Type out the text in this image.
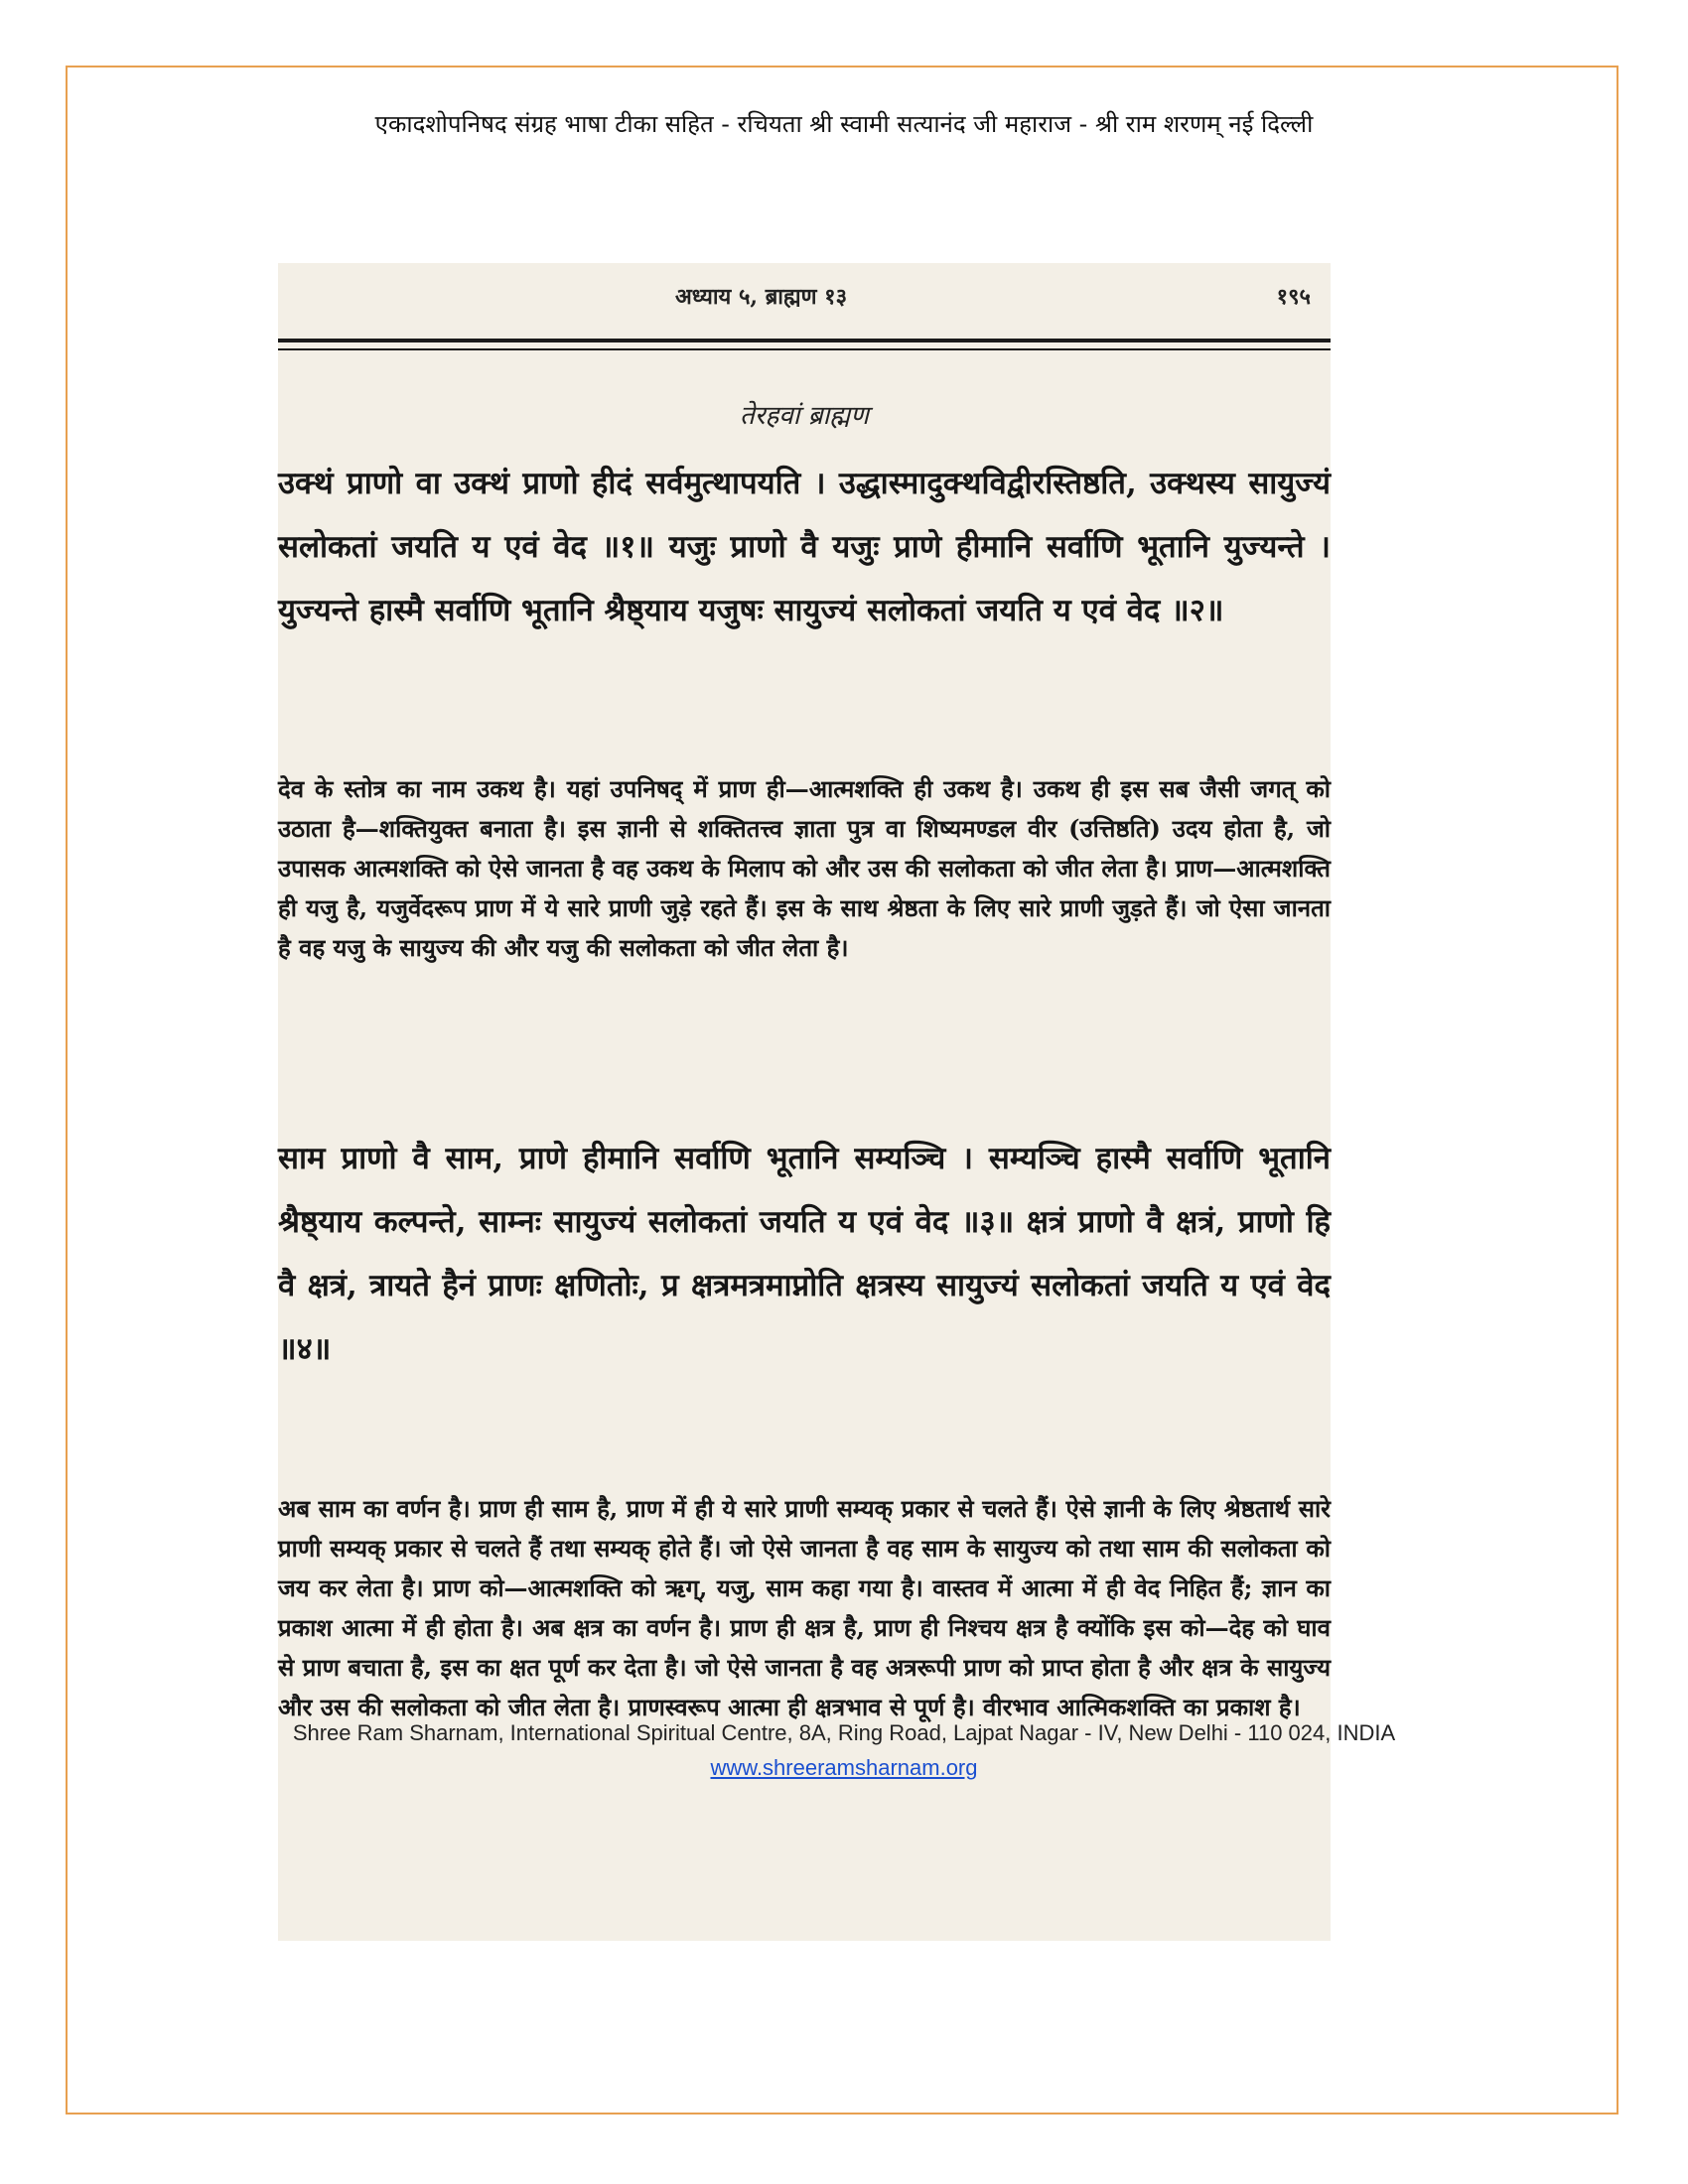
एकादशोपनिषद संग्रह भाषा टीका सहित - रचियता श्री स्वामी सत्यानंद जी महाराज - श्री राम शरणम् नई दिल्ली
अध्याय ५, ब्राह्मण १३	१९५
तेरहवां ब्राह्मण

उक्थं प्राणो वा उक्थं प्राणो हीदं सर्वमुत्थापयति । उद्धास्मादुक्थविद्वीरस्तिष्ठति, उक्थस्य सायुज्यं सलोकतां जयति य एवं वेद ॥१॥ यजुः प्राणो वै यजुः प्राणे हीमानि सर्वाणि भूतानि युज्यन्ते । युज्यन्ते हास्मै सर्वाणि भूतानि श्रैष्ठ्याय यजुषः सायुज्यं सलोकतां जयति य एवं वेद ॥२॥

देव के स्तोत्र का नाम उकथ है। यहां उपनिषद् में प्राण ही—आत्मशक्ति ही उकथ है। उकथ ही इस सब जैसी जगत् को उठाता है—शक्तियुक्त बनाता है। इस ज्ञानी से शक्तितत्त्व ज्ञाता पुत्र वा शिष्यमण्डल वीर (उत्तिष्ठति) उदय होता है, जो उपासक आत्मशक्ति को ऐसे जानता है वह उकथ के मिलाप को और उस की सलोकता को जीत लेता है। प्राण—आत्मशक्ति ही यजु है, यजुर्वेदरूप प्राण में ये सारे प्राणी जुड़े रहते हैं। इस के साथ श्रेष्ठता के लिए सारे प्राणी जुड़ते हैं। जो ऐसा जानता है वह यजु के सायुज्य की और यजु की सलोकता को जीत लेता है।

साम प्राणो वै साम, प्राणे हीमानि सर्वाणि भूतानि सम्यञ्चि । सम्यञ्चि हास्मै सर्वाणि भूतानि श्रैष्ठ्याय कल्पन्ते, साम्नः सायुज्यं सलोकतां जयति य एवं वेद ॥३॥ क्षत्रं प्राणो वै क्षत्रं, प्राणो हि वै क्षत्रं, त्रायते हैनं प्राणः क्षणितोः, प्र क्षत्रमत्रमाप्नोति क्षत्रस्य सायुज्यं सलोकतां जयति य एवं वेद ॥४॥

अब साम का वर्णन है। प्राण ही साम है, प्राण में ही ये सारे प्राणी सम्यक् प्रकार से चलते हैं। ऐसे ज्ञानी के लिए श्रेष्ठतार्थ सारे प्राणी सम्यक् प्रकार से चलते हैं तथा सम्यक् होते हैं। जो ऐसे जानता है वह साम के सायुज्य को तथा साम की सलोकता को जय कर लेता है। प्राण को—आत्मशक्ति को ऋग्, यजु, साम कहा गया है। वास्तव में आत्मा में ही वेद निहित हैं; ज्ञान का प्रकाश आत्मा में ही होता है। अब क्षत्र का वर्णन है। प्राण ही क्षत्र है, प्राण ही निश्चय क्षत्र है क्योंकि इस को—देह को घाव से प्राण बचाता है, इस का क्षत पूर्ण कर देता है। जो ऐसे जानता है वह अत्ररूपी प्राण को प्राप्त होता है और क्षत्र के सायुज्य और उस की सलोकता को जीत लेता है। प्राणस्वरूप आत्मा ही क्षत्रभाव से पूर्ण है। वीरभाव आत्मिकशक्ति का प्रकाश है।

Shree Ram Sharnam, International Spiritual Centre, 8A, Ring Road, Lajpat Nagar - IV, New Delhi - 110 024, INDIA
www.shreeramsharnam.org
